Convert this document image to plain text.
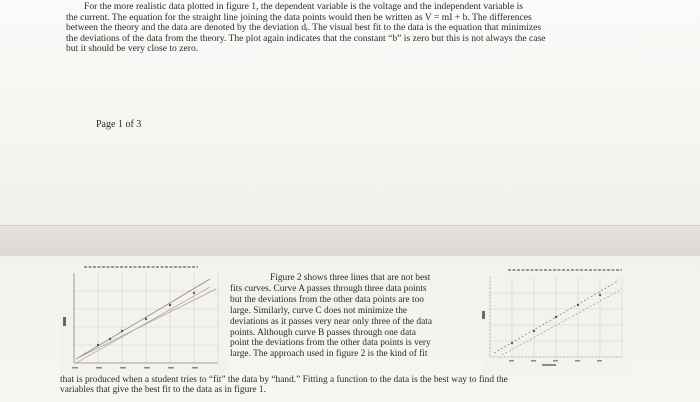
For the more realistic data plotted in figure 1, the dependent variable is the voltage and the independent variable is
the current. The equation for the straight line joining the data points would then be written as V = mI + b. The differences
between the theory and the data are denoted by the deviation dᵢ. The visual best fit to the data is the equation that minimizes
the deviations of the data from the theory. The plot again indicates that the constant “b” is zero but this is not always the case
but it should be very close to zero.
Page 1 of 3
Figure 2 shows three lines that are not best
fits curves. Curve A passes through three data points
but the deviations from the other data points are too
large. Similarly, curve C does not minimize the
deviations as it passes very near only three of the data
points. Although curve B passes through one data
point the deviations from the other data points is very
large. The approach used in figure 2 is the kind of fit
that is produced when a student tries to “fit” the data by “hand.” Fitting a function to the data is the best way to find the
variables that give the best fit to the data as in figure 1.
